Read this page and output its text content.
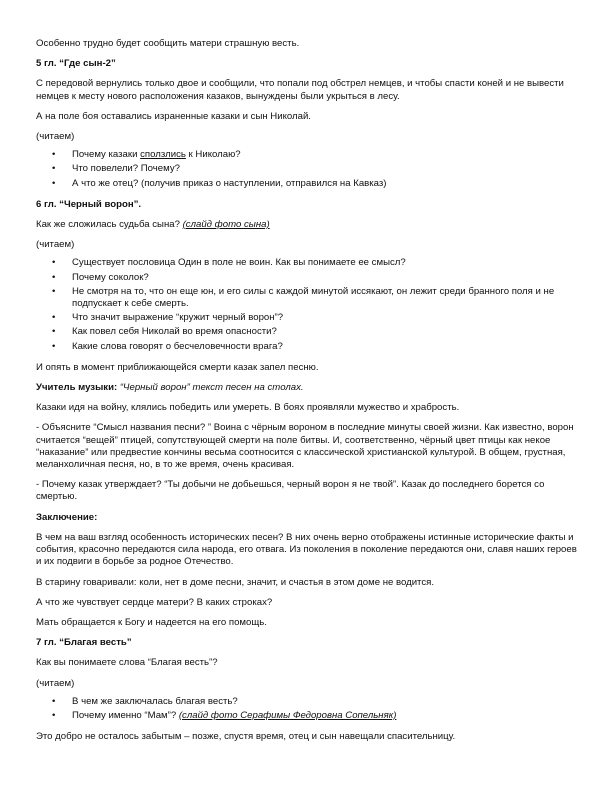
Особенно трудно будет сообщить матери страшную весть.

5 гл. “Где сын-2”

С передовой вернулись только двое и сообщили, что попали под обстрел немцев, и чтобы спасти коней и не вывести немцев к месту нового расположения казаков, вынуждены были укрыться в лесу.

А на поле боя оставались израненные казаки и сын Николай.

(читаем)

• Почему казаки сползлись к Николаю?
• Что повелели? Почему?
• А что же отец? (получив приказ о наступлении, отправился на Кавказ)

6 гл. “Черный ворон”.

Как же сложилась судьба сына? (слайд фото сына)

(читаем)

• Существует пословица Один в поле не воин. Как вы понимаете ее смысл?
• Почему соколок?
• Не смотря на то, что он еще юн, и его силы с каждой минутой иссякают, он лежит среди бранного поля и не подпускает к себе смерть.
• Что значит выражение “кружит черный ворон”?
• Как повел себя Николай во время опасности?
• Какие слова говорят о бесчеловечности врага?

И опять в момент приближающейся смерти казак запел песню.

Учитель музыки: “Черный ворон” текст песен на столах.

Казаки идя на войну, клялись победить или умереть. В боях проявляли мужество и храбрость.

- Объясните “Смысл названия песни? ” Воина с чёрным вороном в последние минуты своей жизни. Как известно, ворон считается “вещей” птицей, сопутствующей смерти на поле битвы. И, соответственно, чёрный цвет птицы как некое “наказание” или предвестие кончины весьма соотносится с классической христианской культурой. В общем, грустная, меланхоличная песня, но, в то же время, очень красивая.

- Почему казак утверждает? “Ты добычи не добьешься, черный ворон я не твой”. Казак до последнего борется со смертью.

Заключение:

В чем на ваш взгляд особенность исторических песен? В них очень верно отображены истинные исторические факты и события, красочно передаются сила народа, его отвага. Из поколения в поколение передаются они, славя наших героев и их подвиги в борьбе за родное Отечество.

В старину говаривали: коли, нет в доме песни, значит, и счастья в этом доме не водится.

А что же чувствует сердце матери? В каких строках?

Мать обращается к Богу и надеется на его помощь.

7 гл. “Благая весть”

Как вы понимаете слова “Благая весть”?

(читаем)

• В чем же заключалась благая весть?
• Почему именно “Мам”? (слайд фото Серафимы Федоровна Сопельняк)

Это добро не осталось забытым – позже, спустя время, отец и сын навещали спасительницу.
